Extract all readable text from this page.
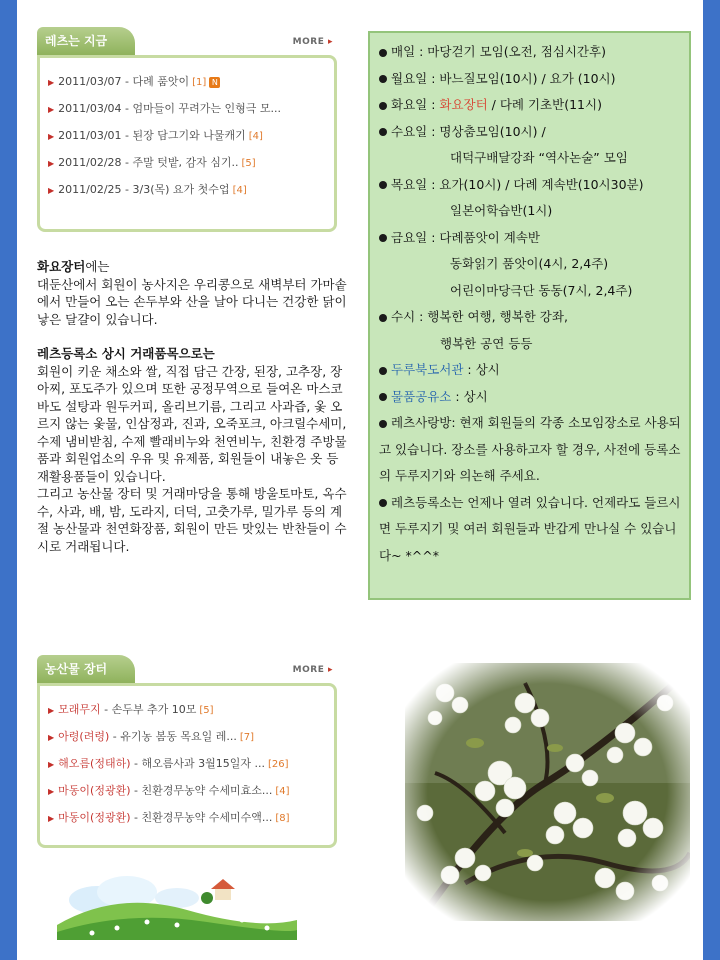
레츠는 지금	MORE ▸
▶ 2011/03/07 - 다례 품앗이 [1] N
▶ 2011/03/04 - 엄마들이 꾸려가는 인형극 모...
▶ 2011/03/01 - 된장 담그기와 나물캐기 [4]
▶ 2011/02/28 - 주말 텃밭, 감자 심기.. [5]
▶ 2011/02/25 - 3/3(목) 요가 첫수업 [4]

화요장터에는
대둔산에서 회원이 농사지은 우리콩으로 새벽부터 가마솥에서 만들어 오는 손두부와 산을 날아 다니는 건강한 닭이 낳은 달걀이 있습니다.

레츠등록소 상시 거래품목으로는
회원이 키운 채소와 쌀, 직접 담근 간장, 된장, 고추장, 장아찌, 포도주가 있으며 또한 공정무역으로 들여온 마스코바도 설탕과 원두커피, 올리브기름, 그리고 사과즙, 옻 오르지 않는 옻물, 인삼정과, 진과, 오죽포크, 아크릴수세미, 수제 냄비받침, 수제 빨래비누와 천연비누, 친환경 주방물품과 회원업소의 우유 및 유제품, 회원들이 내놓은 옷 등 재활용품들이 있습니다.
그리고 농산물 장터 및 거래마당을 통해 방울토마토, 옥수수, 사과, 배, 밤, 도라지, 더덕, 고춧가루, 밀가루 등의 계절 농산물과 천연화장품, 회원이 만든 맛있는 반찬들이 수시로 거래됩니다.
매일 : 마당걷기 모임(오전, 점심시간후)
월요일 : 바느질모임(10시) / 요가 (10시)
화요일 : 화요장터 / 다례 기초반(11시)
수요일 : 명상춤모임(10시) /
대덕구배달강좌 “역사논술” 모임
목요일 : 요가(10시) / 다례 계속반(10시30분)
일본어학습반(1시)
금요일 : 다례품앗이 계속반
동화읽기 품앗이(4시, 2,4주)
어린이마당극단 동동(7시, 2,4주)
수시 : 행복한 여행, 행복한 강좌,
행복한 공연 등등
두루북도서관 : 상시
물품공유소 : 상시
레츠사랑방: 현재 회원들의 각종 소모임장소로 사용되고 있습니다. 장소를 사용하고자 할 경우, 사전에 등록소의 두루지기와 의논해 주세요.
레츠등록소는 언제나 열려 있습니다. 언제라도 들르시면 두루지기 및 여러 회원들과 반갑게 만나실 수 있습니다~ *^^*
농산물 장터	MORE ▸
▶ 모래무지 - 손두부 추가 10모 [5]
▶ 아령(려령) - 유기농 봄동 목요일 레... [7]
▶ 해오름(정태하) - 해오름사과 3월15일자 ... [26]
▶ 마동이(정광환) - 친환경무농약 수세미효소... [4]
▶ 마동이(정광환) - 친환경무농약 수세미수액... [8]
